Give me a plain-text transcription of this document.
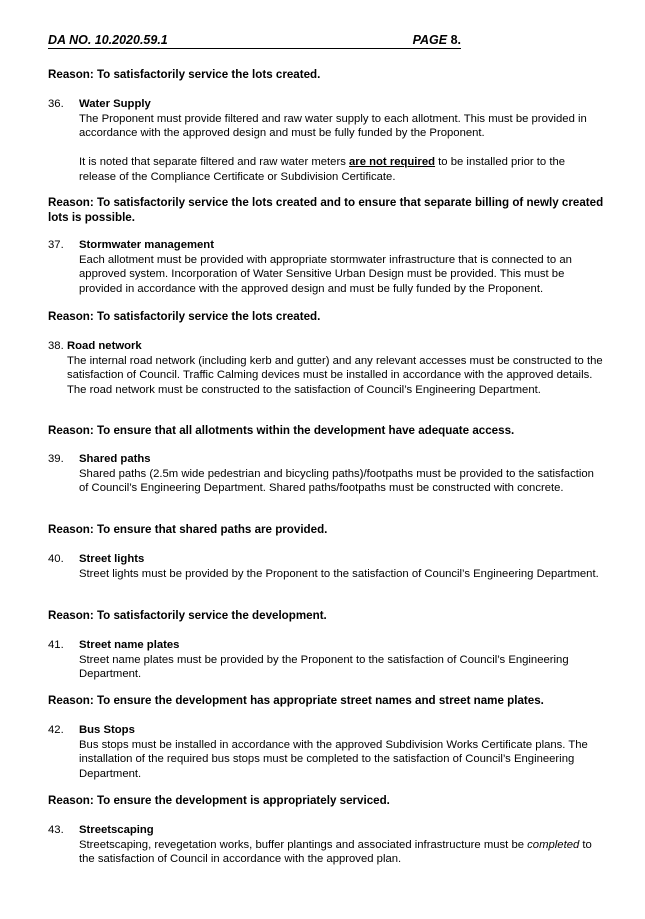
DA NO. 10.2020.59.1	PAGE 8.
Reason: To satisfactorily service the lots created.
36. Water Supply

The Proponent must provide filtered and raw water supply to each allotment. This must be provided in accordance with the approved design and must be fully funded by the Proponent.

It is noted that separate filtered and raw water meters are not required to be installed prior to the release of the Compliance Certificate or Subdivision Certificate.

Reason: To satisfactorily service the lots created and to ensure that separate billing of newly created lots is possible.
37. Stormwater management

Each allotment must be provided with appropriate stormwater infrastructure that is connected to an approved system. Incorporation of Water Sensitive Urban Design must be provided. This must be provided in accordance with the approved design and must be fully funded by the Proponent.

Reason: To satisfactorily service the lots created.
38. Road network

The internal road network (including kerb and gutter) and any relevant accesses must be constructed to the satisfaction of Council. Traffic Calming devices must be installed in accordance with the approved details. The road network must be constructed to the satisfaction of Council’s Engineering Department.

Reason: To ensure that all allotments within the development have adequate access.
39. Shared paths

Shared paths (2.5m wide pedestrian and bicycling paths)/footpaths must be provided to the satisfaction of Council’s Engineering Department. Shared paths/footpaths must be constructed with concrete.

Reason: To ensure that shared paths are provided.
40. Street lights

Street lights must be provided by the Proponent to the satisfaction of Council’s Engineering Department.

Reason: To satisfactorily service the development.
41. Street name plates

Street name plates must be provided by the Proponent to the satisfaction of Council’s Engineering Department.

Reason: To ensure the development has appropriate street names and street name plates.
42. Bus Stops

Bus stops must be installed in accordance with the approved Subdivision Works Certificate plans. The installation of the required bus stops must be completed to the satisfaction of Council’s Engineering Department.

Reason: To ensure the development is appropriately serviced.
43. Streetscaping

Streetscaping, revegetation works, buffer plantings and associated infrastructure must be completed to the satisfaction of Council in accordance with the approved plan.
